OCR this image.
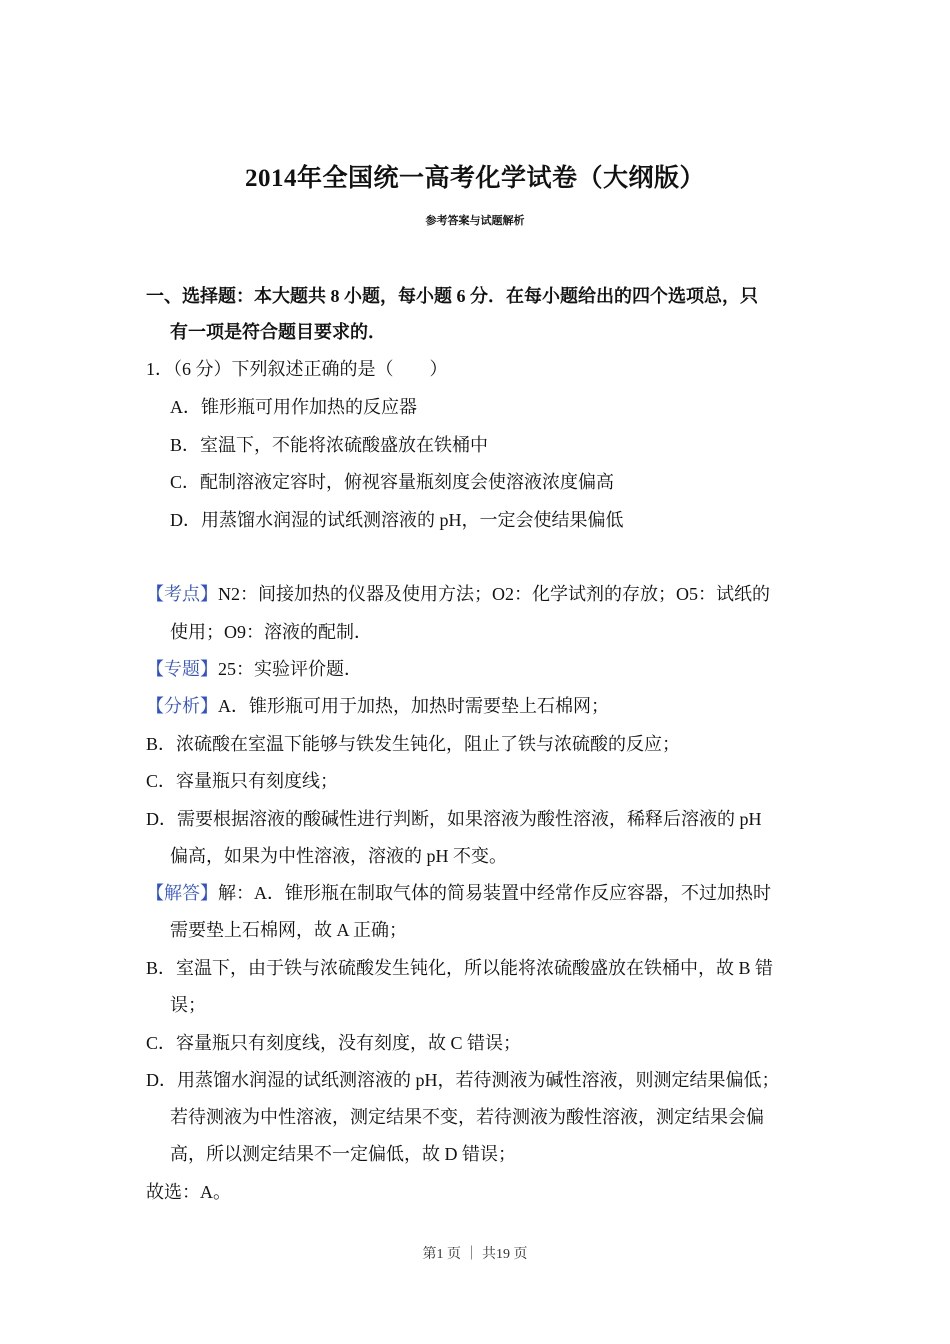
2014年全国统一高考化学试卷（大纲版）
参考答案与试题解析
一、选择题：本大题共 8 小题，每小题 6 分．在每小题给出的四个选项总，只
有一项是符合题目要求的．
1．（6 分）下列叙述正确的是（　　）
A．锥形瓶可用作加热的反应器
B．室温下，不能将浓硫酸盛放在铁桶中
C．配制溶液定容时，俯视容量瓶刻度会使溶液浓度偏高
D．用蒸馏水润湿的试纸测溶液的 pH，一定会使结果偏低
【考点】N2：间接加热的仪器及使用方法；O2：化学试剂的存放；O5：试纸的
使用；O9：溶液的配制．
【专题】25：实验评价题．
【分析】A．锥形瓶可用于加热，加热时需要垫上石棉网；
B．浓硫酸在室温下能够与铁发生钝化，阻止了铁与浓硫酸的反应；
C．容量瓶只有刻度线；
D．需要根据溶液的酸碱性进行判断，如果溶液为酸性溶液，稀释后溶液的 pH
偏高，如果为中性溶液，溶液的 pH 不变。
【解答】解：A．锥形瓶在制取气体的简易装置中经常作反应容器，不过加热时
需要垫上石棉网，故 A 正确；
B．室温下，由于铁与浓硫酸发生钝化，所以能将浓硫酸盛放在铁桶中，故 B 错
误；
C．容量瓶只有刻度线，没有刻度，故 C 错误；
D．用蒸馏水润湿的试纸测溶液的 pH，若待测液为碱性溶液，则测定结果偏低；
若待测液为中性溶液，测定结果不变，若待测液为酸性溶液，测定结果会偏
高，所以测定结果不一定偏低，故 D 错误；
故选：A。
第1 页 ｜ 共19 页
